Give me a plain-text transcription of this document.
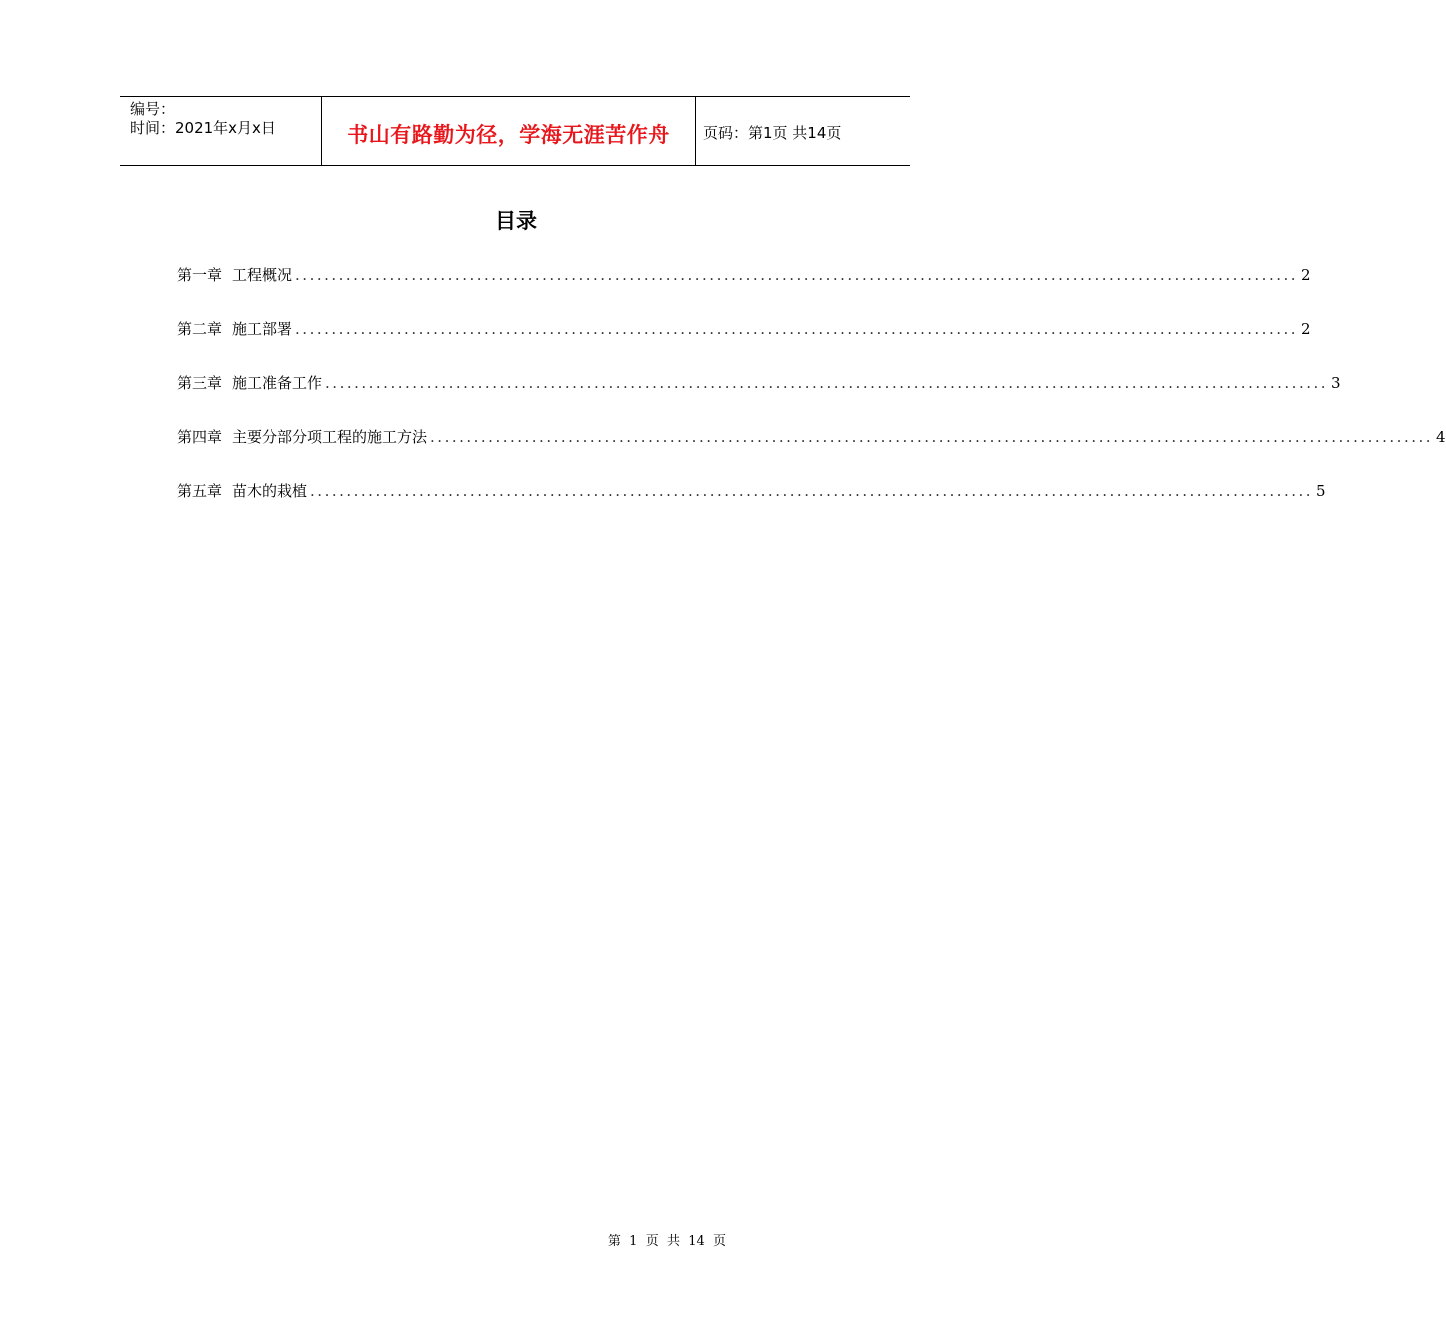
编号：
时间：2021年x月x日	书山有路勤为径，学海无涯苦作舟	页码：第1页 共14页
目录
第一章 工程概况 .......................................................................................................................................... 2
第二章 施工部署 .......................................................................................................................................... 2
第三章 施工准备工作 .......................................................................................................................................... 3
第四章 主要分部分项工程的施工方法 .......................................................................................................................................... 4
第五章 苗木的栽植 .......................................................................................................................................... 5
第  1  页  共  14  页
